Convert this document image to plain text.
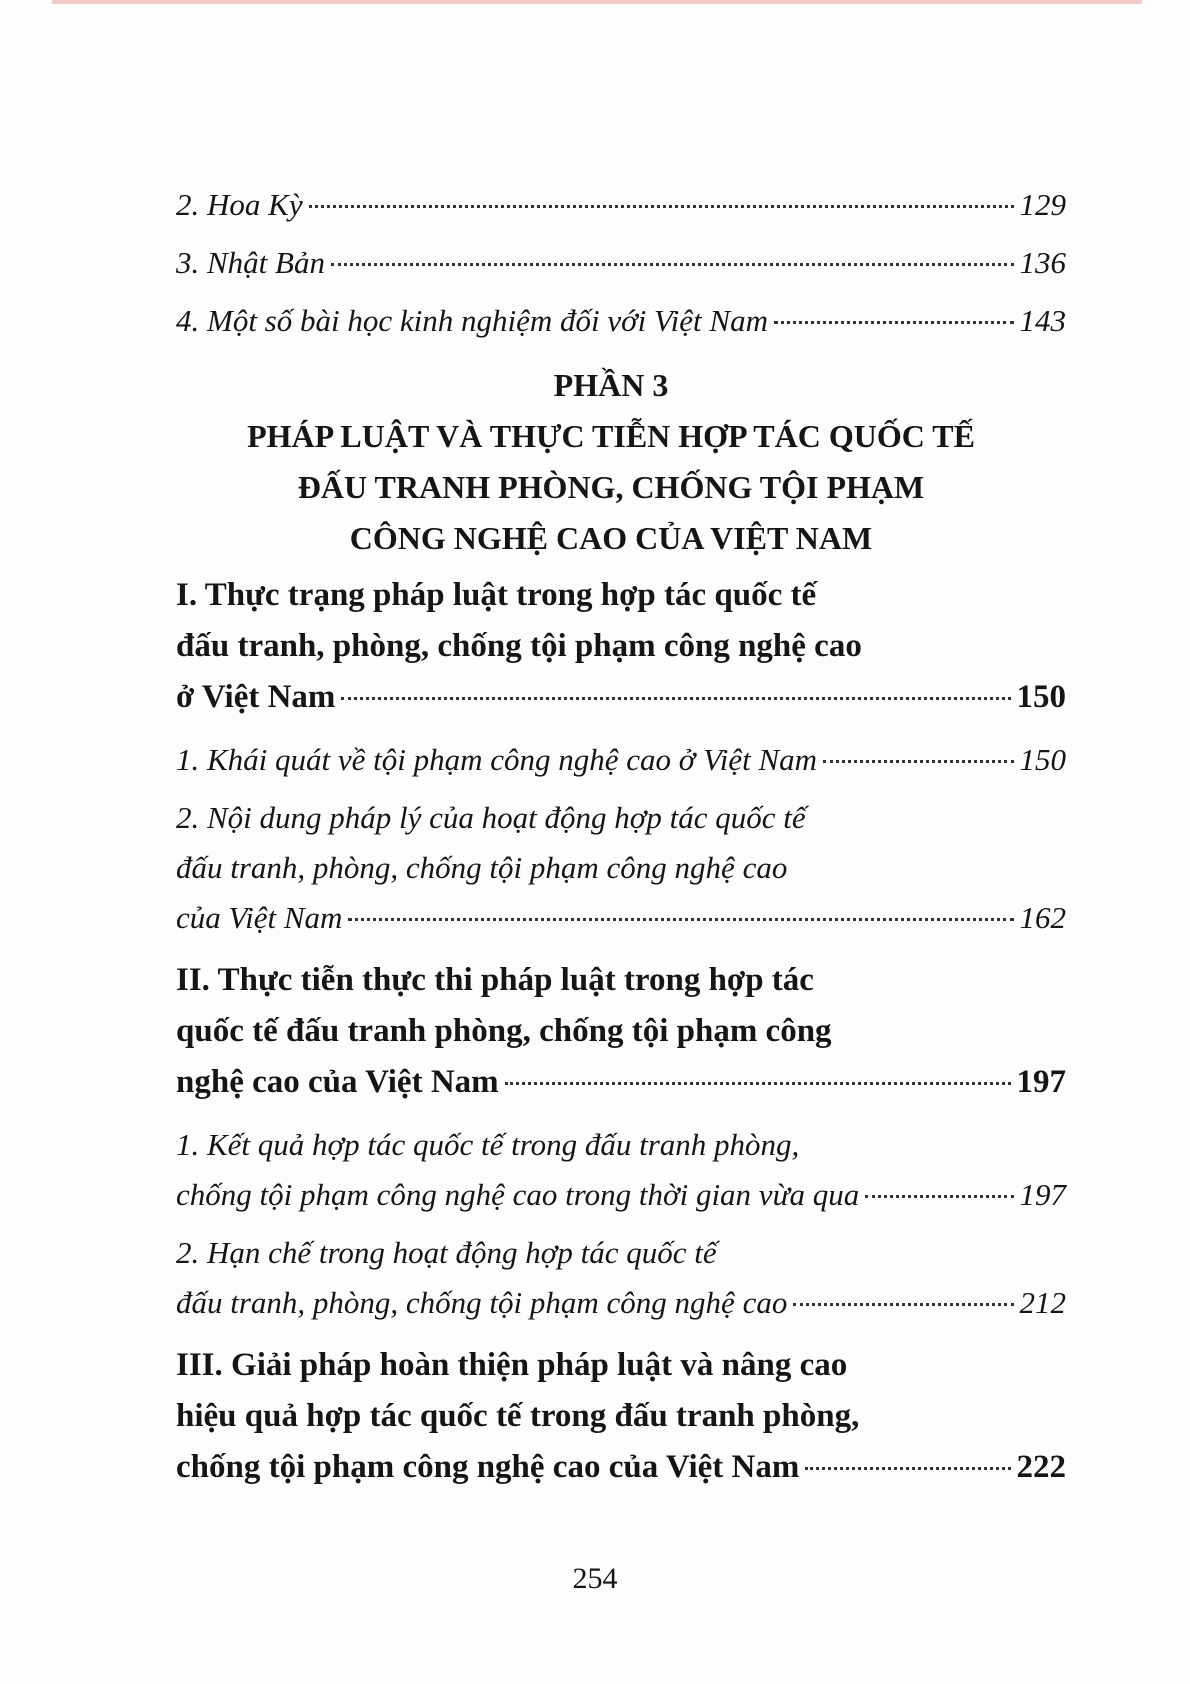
2. Hoa Kỳ	129
3. Nhật Bản	136
4. Một số bài học kinh nghiệm đối với Việt Nam	143
PHẦN 3
PHÁP LUẬT VÀ THỰC TIỄN HỢP TÁC QUỐC TẾ
ĐẤU TRANH PHÒNG, CHỐNG TỘI PHẠM
CÔNG NGHỆ CAO CỦA VIỆT NAM
I. Thực trạng pháp luật trong hợp tác quốc tế
đấu tranh, phòng, chống tội phạm công nghệ cao
ở Việt Nam	150
1. Khái quát về tội phạm công nghệ cao ở Việt Nam	150
2. Nội dung pháp lý của hoạt động hợp tác quốc tế
đấu tranh, phòng, chống tội phạm công nghệ cao
của Việt Nam	162
II. Thực tiễn thực thi pháp luật trong hợp tác
quốc tế đấu tranh phòng, chống tội phạm công
nghệ cao của Việt Nam	197
1. Kết quả hợp tác quốc tế trong đấu tranh phòng,
chống tội phạm công nghệ cao trong thời gian vừa qua	197
2. Hạn chế trong hoạt động hợp tác quốc tế
đấu tranh, phòng, chống tội phạm công nghệ cao	212
III. Giải pháp hoàn thiện pháp luật và nâng cao
hiệu quả hợp tác quốc tế trong đấu tranh phòng,
chống tội phạm công nghệ cao của Việt Nam	222
254
